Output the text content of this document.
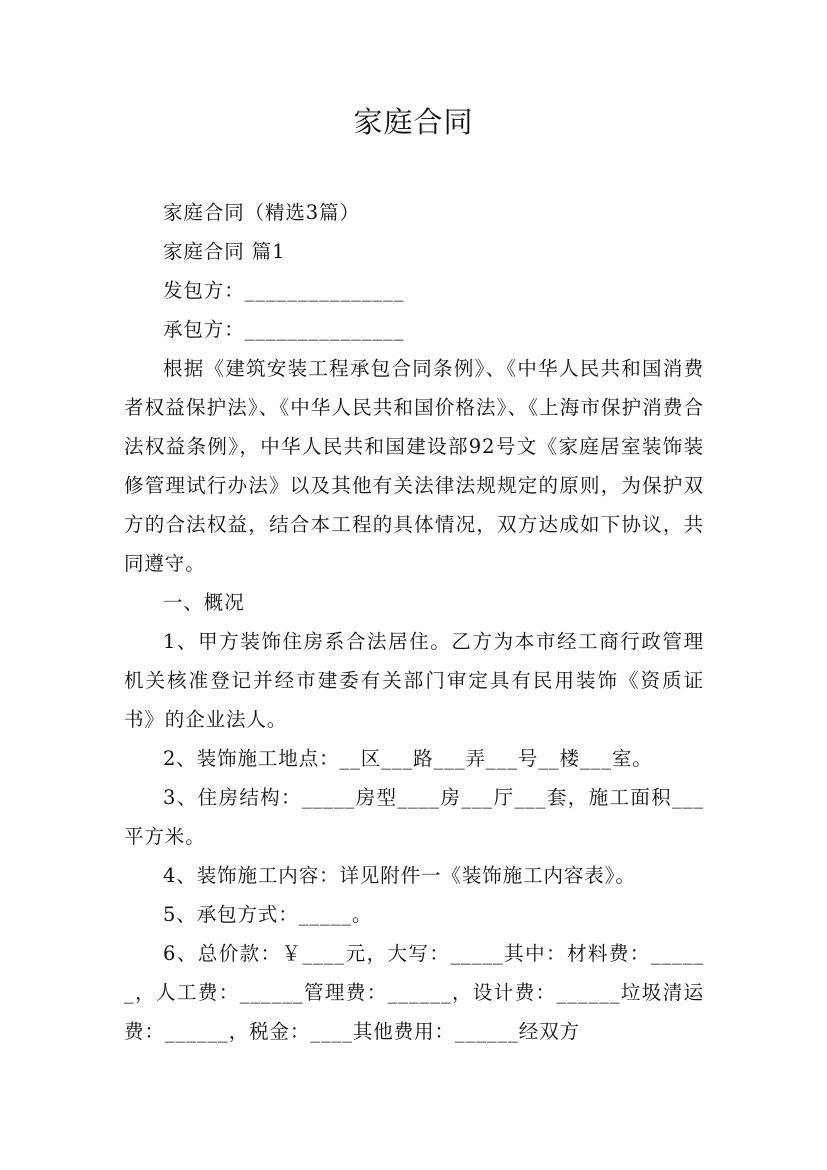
家庭合同

家庭合同（精选3篇）

家庭合同 篇1

发包方：_______________

承包方：_______________

根据《建筑安装工程承包合同条例》、《中华人民共和国消费者权益保护法》、《中华人民共和国价格法》、《上海市保护消费合法权益条例》，中华人民共和国建设部92号文《家庭居室装饰装修管理试行办法》以及其他有关法律法规规定的原则，为保护双方的合法权益，结合本工程的具体情况，双方达成如下协议，共同遵守。

一、概况

1、甲方装饰住房系合法居住。乙方为本市经工商行政管理机关核准登记并经市建委有关部门审定具有民用装饰《资质证书》的企业法人。

2、装饰施工地点：__区___路___弄___号__楼___室。

3、住房结构：_____房型____房___厅___套，施工面积___平方米。

4、装饰施工内容：详见附件一《装饰施工内容表》。

5、承包方式：_____。

6、总价款：￥____元，大写：_____其中：材料费：______，人工费：______管理费：______，设计费：______垃圾清运费：______，税金：____其他费用：______经双方
